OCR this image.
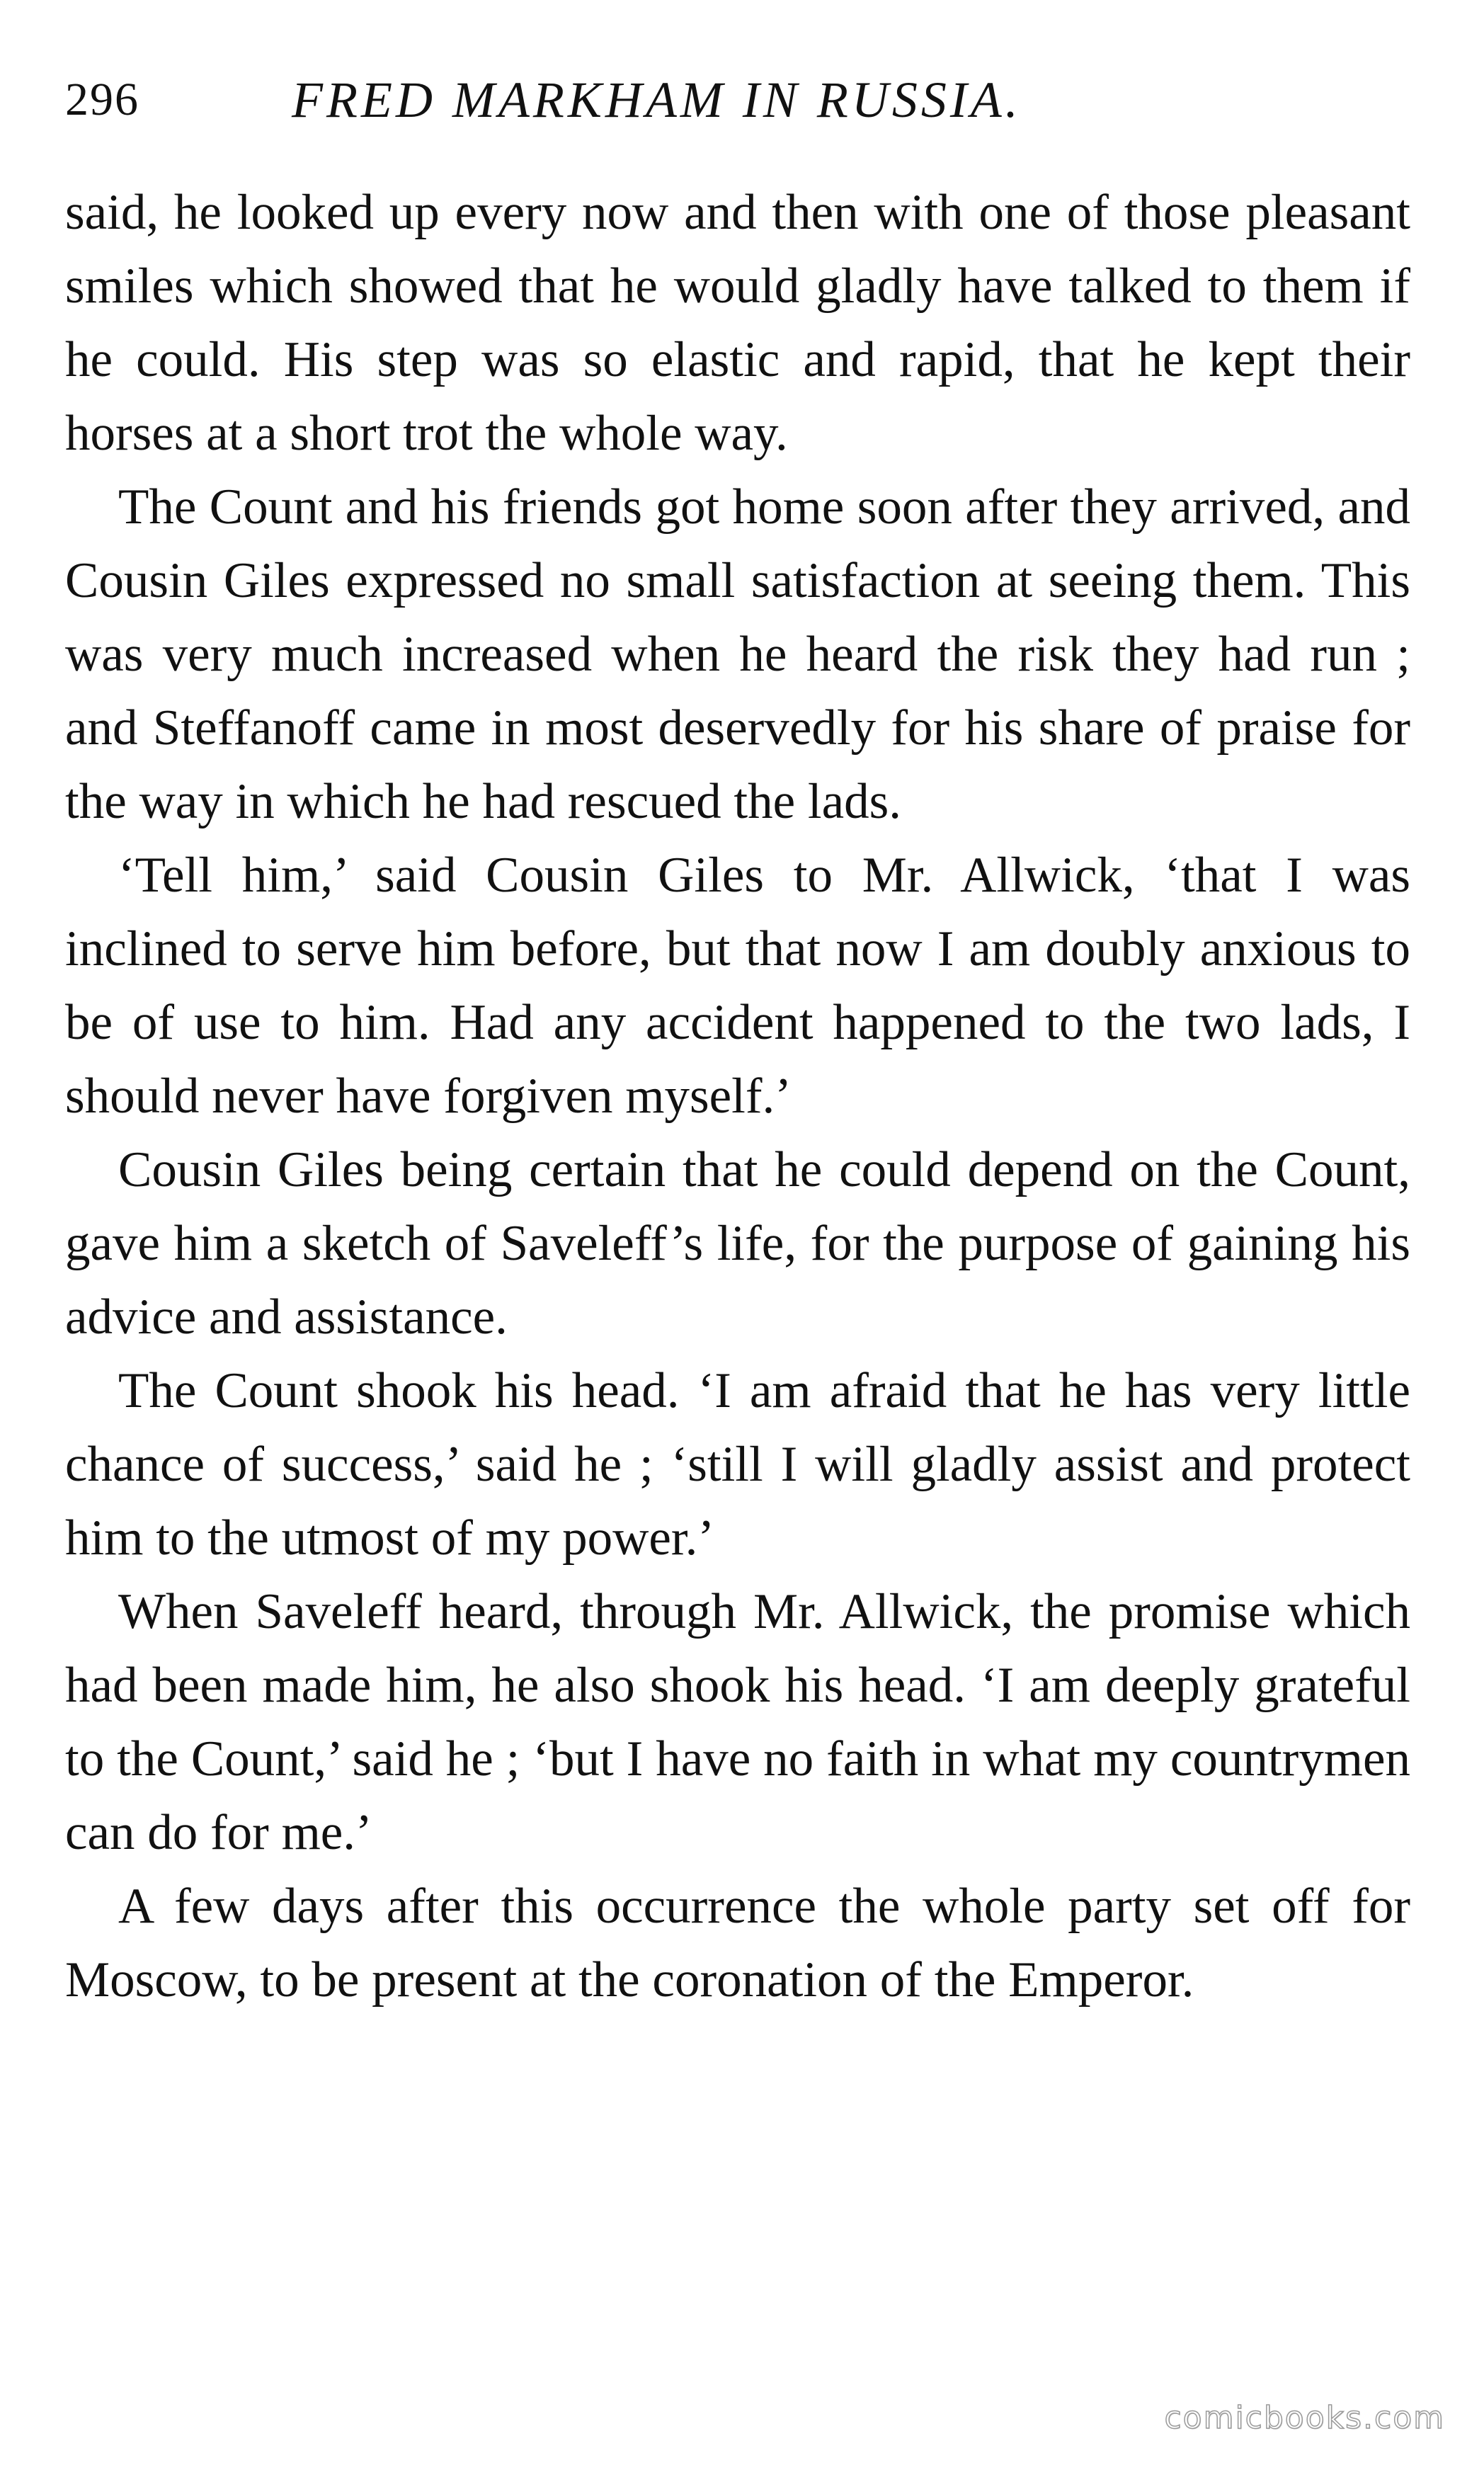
296	FRED MARKHAM IN RUSSIA.

said, he looked up every now and then with one of those pleasant smiles which showed that he would gladly have talked to them if he could. His step was so elastic and rapid, that he kept their horses at a short trot the whole way.

The Count and his friends got home soon after they arrived, and Cousin Giles expressed no small satisfaction at seeing them. This was very much increased when he heard the risk they had run ; and Steffanoff came in most deservedly for his share of praise for the way in which he had rescued the lads.

‘Tell him,’ said Cousin Giles to Mr. Allwick, ‘that I was inclined to serve him before, but that now I am doubly anxious to be of use to him. Had any accident happened to the two lads, I should never have forgiven myself.’

Cousin Giles being certain that he could depend on the Count, gave him a sketch of Saveleff’s life, for the purpose of gaining his advice and assistance.

The Count shook his head. ‘I am afraid that he has very little chance of success,’ said he ; ‘still I will gladly assist and protect him to the utmost of my power.’

When Saveleff heard, through Mr. Allwick, the promise which had been made him, he also shook his head. ‘I am deeply grateful to the Count,’ said he ; ‘but I have no faith in what my countrymen can do for me.’

A few days after this occurrence the whole party set off for Moscow, to be present at the coronation of the Emperor.

comicbooks.com
